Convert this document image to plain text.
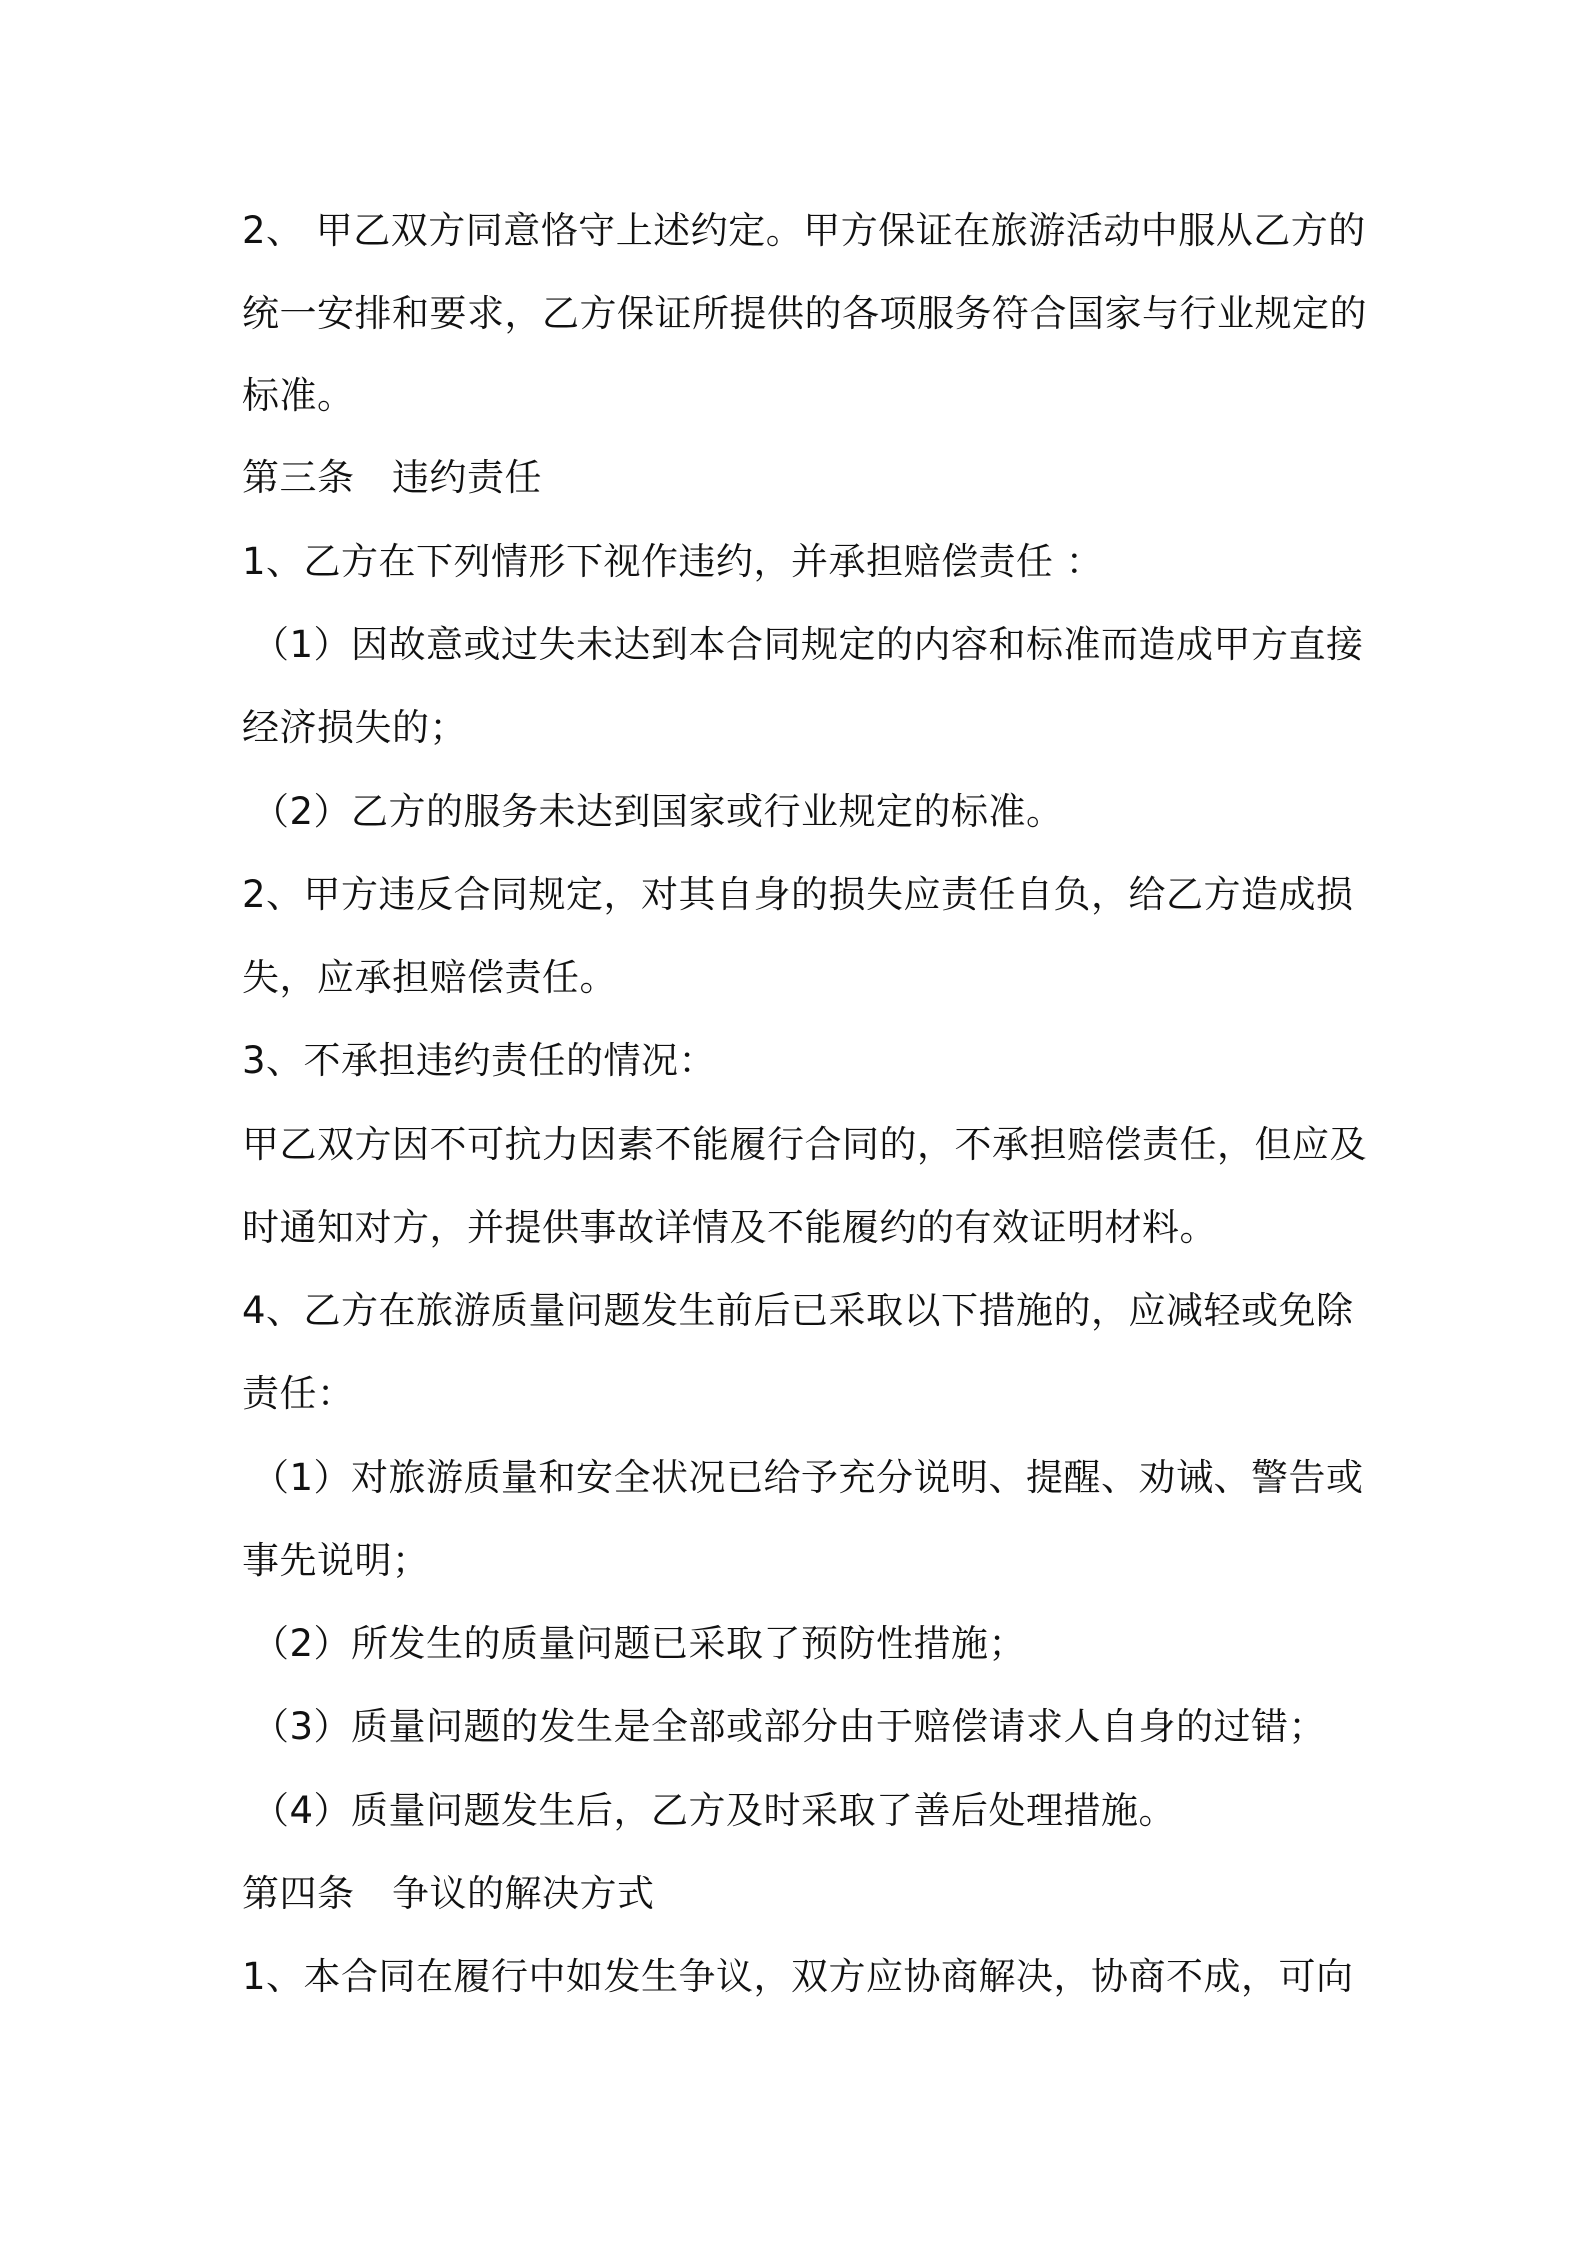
2、 甲乙双方同意恪守上述约定。甲方保证在旅游活动中服从乙方的
统一安排和要求，乙方保证所提供的各项服务符合国家与行业规定的
标准。
第三条　违约责任
1、乙方在下列情形下视作违约，并承担赔偿责任 ：
（1）因故意或过失未达到本合同规定的内容和标准而造成甲方直接
经济损失的；
（2）乙方的服务未达到国家或行业规定的标准。
2、甲方违反合同规定，对其自身的损失应责任自负，给乙方造成损
失，应承担赔偿责任。
3、不承担违约责任的情况：
甲乙双方因不可抗力因素不能履行合同的，不承担赔偿责任，但应及
时通知对方，并提供事故详情及不能履约的有效证明材料。
4、乙方在旅游质量问题发生前后已采取以下措施的，应减轻或免除
责任：
（1）对旅游质量和安全状况已给予充分说明、提醒、劝诫、警告或
事先说明；
（2）所发生的质量问题已采取了预防性措施；
（3）质量问题的发生是全部或部分由于赔偿请求人自身的过错；
（4）质量问题发生后，乙方及时采取了善后处理措施。
第四条　争议的解决方式
1、本合同在履行中如发生争议，双方应协商解决，协商不成，可向
